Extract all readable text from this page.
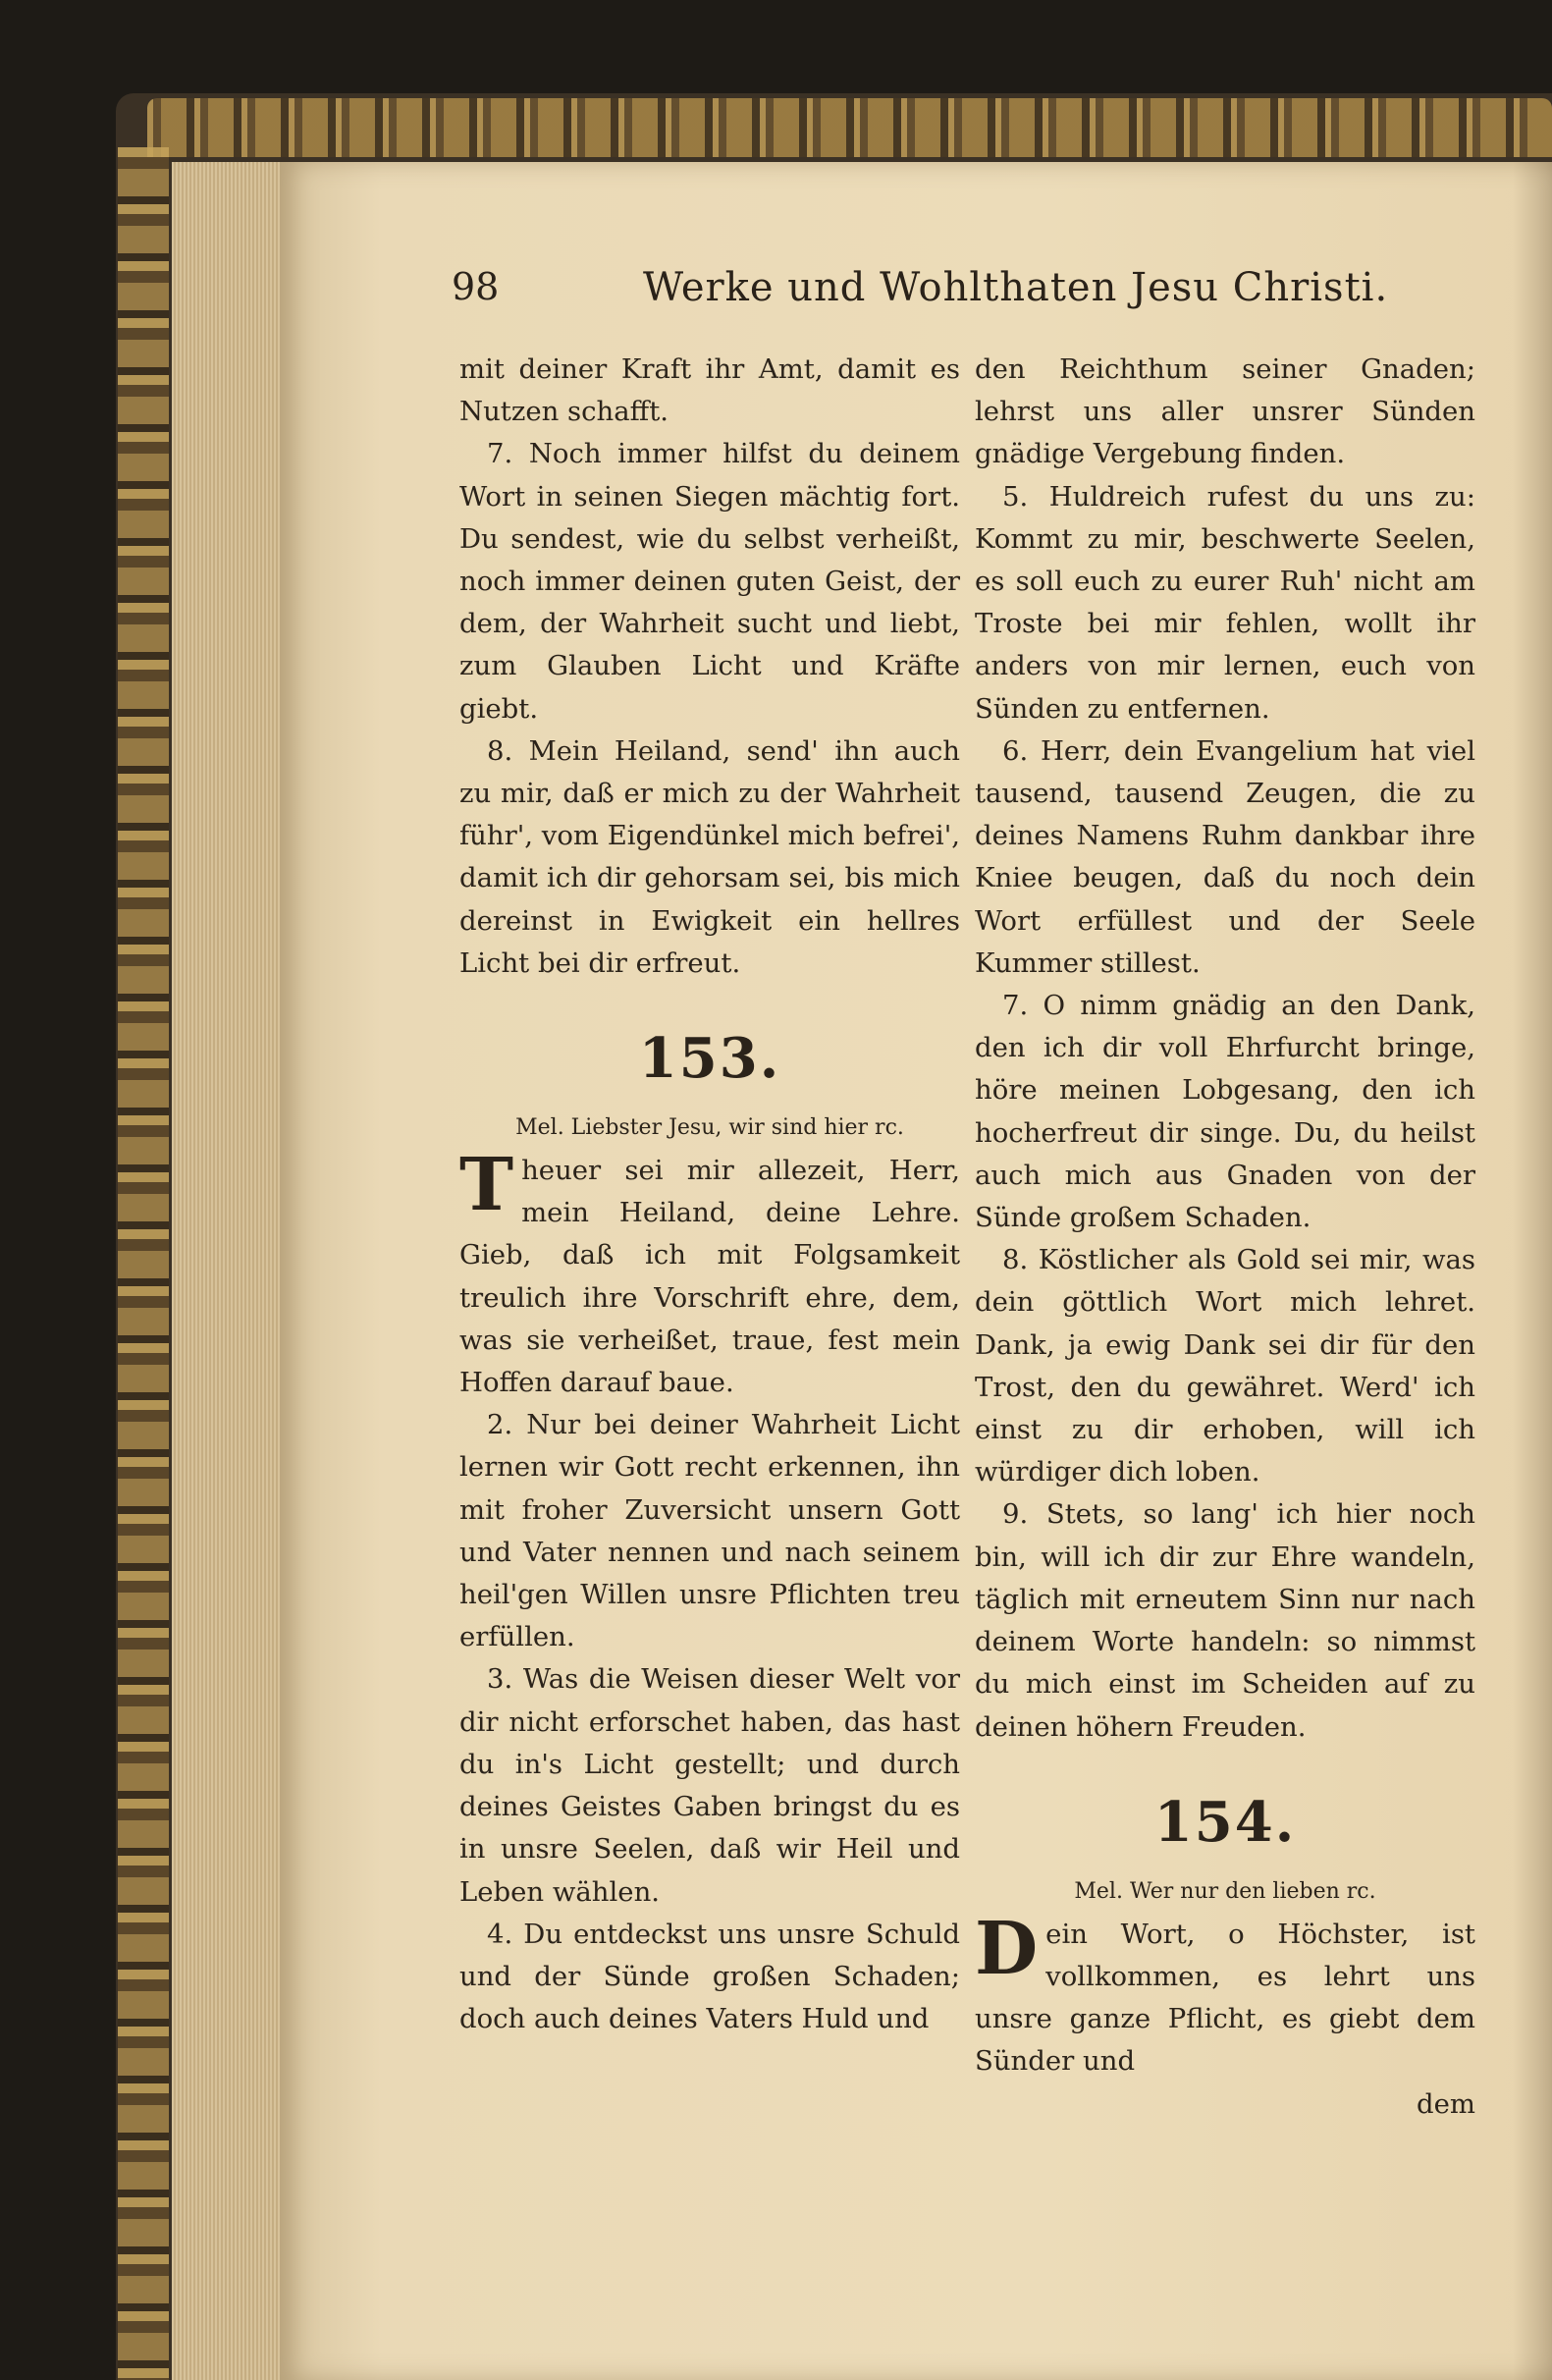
98	Werke und Wohlthaten Jesu Christi.

mit deiner Kraft ihr Amt, damit es Nutzen schafft.

7. Noch immer hilfst du deinem Wort in seinen Siegen mächtig fort. Du sendest, wie du selbst verheißt, noch immer deinen guten Geist, der dem, der Wahrheit sucht und liebt, zum Glauben Licht und Kräfte giebt.

8. Mein Heiland, send' ihn auch zu mir, daß er mich zu der Wahrheit führ', vom Eigendünkel mich befrei', damit ich dir gehorsam sei, bis mich dereinst in Ewigkeit ein hellres Licht bei dir erfreut.

153.

Mel. Liebster Jesu, wir sind hier rc.

Theuer sei mir allezeit, Herr, mein Heiland, deine Lehre. Gieb, daß ich mit Folgsamkeit treulich ihre Vorschrift ehre, dem, was sie verheißet, traue, fest mein Hoffen darauf baue.

2. Nur bei deiner Wahrheit Licht lernen wir Gott recht erkennen, ihn mit froher Zuversicht unsern Gott und Vater nennen und nach seinem heil'gen Willen unsre Pflichten treu erfüllen.

3. Was die Weisen dieser Welt vor dir nicht erforschet haben, das hast du in's Licht gestellt; und durch deines Geistes Gaben bringst du es in unsre Seelen, daß wir Heil und Leben wählen.

4. Du entdeckst uns unsre Schuld und der Sünde großen Schaden; doch auch deines Vaters Huld und

den Reichthum seiner Gnaden; lehrst uns aller unsrer Sünden gnädige Vergebung finden.

5. Huldreich rufest du uns zu: Kommt zu mir, beschwerte Seelen, es soll euch zu eurer Ruh' nicht am Troste bei mir fehlen, wollt ihr anders von mir lernen, euch von Sünden zu entfernen.

6. Herr, dein Evangelium hat viel tausend, tausend Zeugen, die zu deines Namens Ruhm dankbar ihre Kniee beugen, daß du noch dein Wort erfüllest und der Seele Kummer stillest.

7. O nimm gnädig an den Dank, den ich dir voll Ehrfurcht bringe, höre meinen Lobgesang, den ich hocherfreut dir singe. Du, du heilst auch mich aus Gnaden von der Sünde großem Schaden.

8. Köstlicher als Gold sei mir, was dein göttlich Wort mich lehret. Dank, ja ewig Dank sei dir für den Trost, den du gewähret. Werd' ich einst zu dir erhoben, will ich würdiger dich loben.

9. Stets, so lang' ich hier noch bin, will ich dir zur Ehre wandeln, täglich mit erneutem Sinn nur nach deinem Worte handeln: so nimmst du mich einst im Scheiden auf zu deinen höhern Freuden.

154.

Mel. Wer nur den lieben rc.

Dein Wort, o Höchster, ist vollkommen, es lehrt uns unsre ganze Pflicht, es giebt dem Sünder und

dem
